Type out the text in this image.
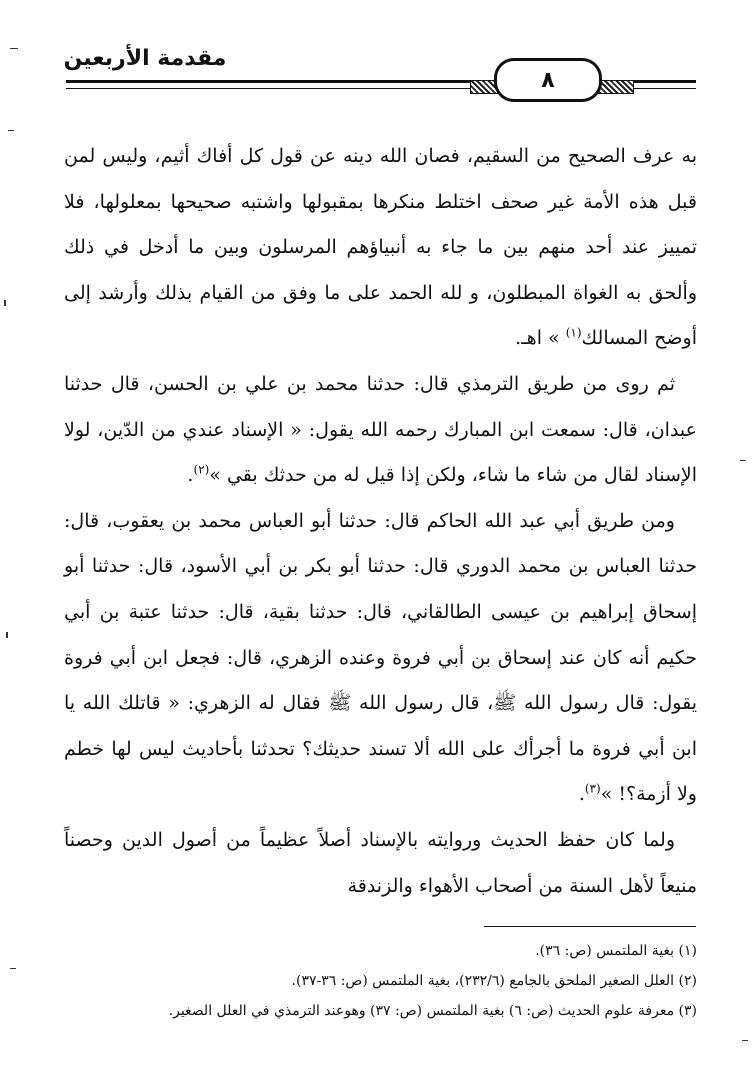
٨
مقدمة الأربعين

به عرف الصحيح من السقيم، فصان الله دينه عن قول كل أفاك أثيم، وليس لمن قبل هذه الأمة غير صحف اختلط منكرها بمقبولها واشتبه صحيحها بمعلولها، فلا تمييز عند أحد منهم بين ما جاء به أنبياؤهم المرسلون وبين ما أدخل في ذلك وألحق به الغواة المبطلون، و لله الحمد على ما وفق من القيام بذلك وأرشد إلى أوضح المسالك$^{(١)}$ » اهـ.

ثم روى من طريق الترمذي قال: حدثنا محمد بن علي بن الحسن، قال حدثنا عبدان، قال: سمعت ابن المبارك رحمه الله يقول: « الإسناد عندي من الدّين، لولا الإسناد لقال من شاء ما شاء، ولكن إذا قيل له من حدثك بقي »$^{(٢)}$.

ومن طريق أبي عبد الله الحاكم قال: حدثنا أبو العباس محمد بن يعقوب، قال: حدثنا العباس بن محمد الدوري قال: حدثنا أبو بكر بن أبي الأسود، قال: حدثنا أبو إسحاق إبراهيم بن عيسى الطالقاني، قال: حدثنا بقية، قال: حدثنا عتبة بن أبي حكيم أنه كان عند إسحاق بن أبي فروة وعنده الزهري، قال: فجعل ابن أبي فروة يقول: قال رسول الله ﷺ، قال رسول الله ﷺ فقال له الزهري: « قاتلك الله يا ابن أبي فروة ما أجرأك على الله ألا تسند حديثك؟ تحدثنا بأحاديث ليس لها خطم ولا أزمة؟! »$^{(٣)}$.

ولما كان حفظ الحديث وروايته بالإسناد أصلاً عظيماً من أصول الدين وحصناً منيعاً لأهل السنة من أصحاب الأهواء والزندقة

(١) بغية الملتمس (ص: ٣٦).
(٢) العلل الصغير الملحق بالجامع (٢٣٢/٦)، بغية الملتمس (ص: ٣٦-٣٧).
(٣) معرفة علوم الحديث (ص: ٦) بغية الملتمس (ص: ٣٧) وهوعند الترمذي في العلل الصغير.
